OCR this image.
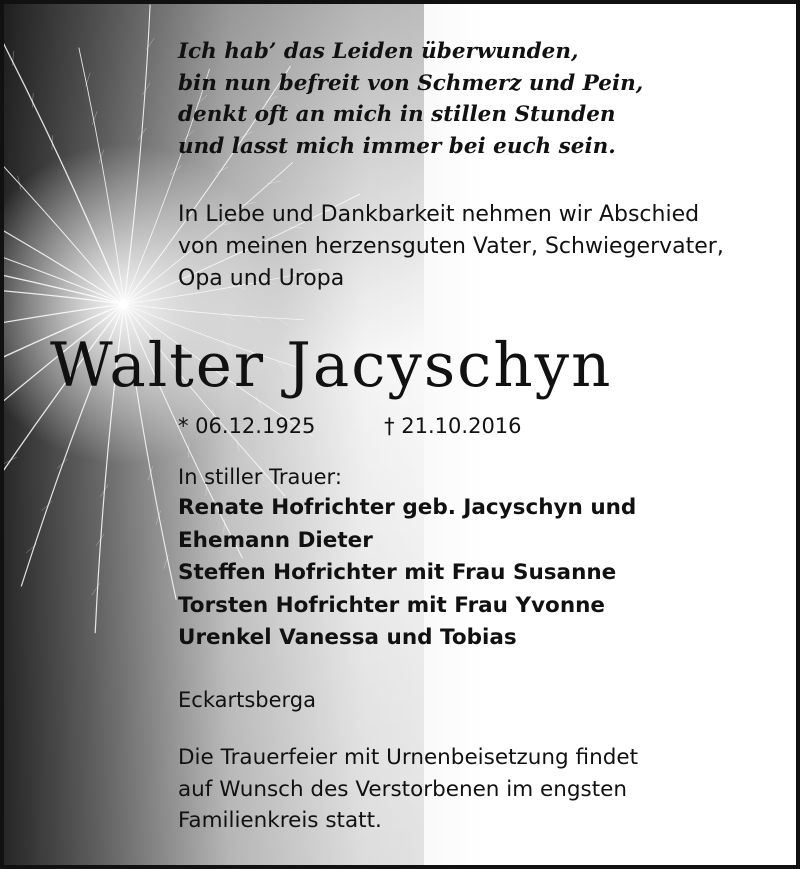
Ich hab’ das Leiden überwunden,
bin nun befreit von Schmerz und Pein,
denkt oft an mich in stillen Stunden
und lasst mich immer bei euch sein.
In Liebe und Dankbarkeit nehmen wir Abschied
von meinen herzensguten Vater, Schwiegervater,
Opa und Uropa
Walter Jacyschyn
* 06.12.1925	† 21.10.2016
In stiller Trauer:
Renate Hofrichter geb. Jacyschyn und
Ehemann Dieter
Steffen Hofrichter mit Frau Susanne
Torsten Hofrichter mit Frau Yvonne
Urenkel Vanessa und Tobias
Eckartsberga
Die Trauerfeier mit Urnenbeisetzung findet
auf Wunsch des Verstorbenen im engsten
Familienkreis statt.
